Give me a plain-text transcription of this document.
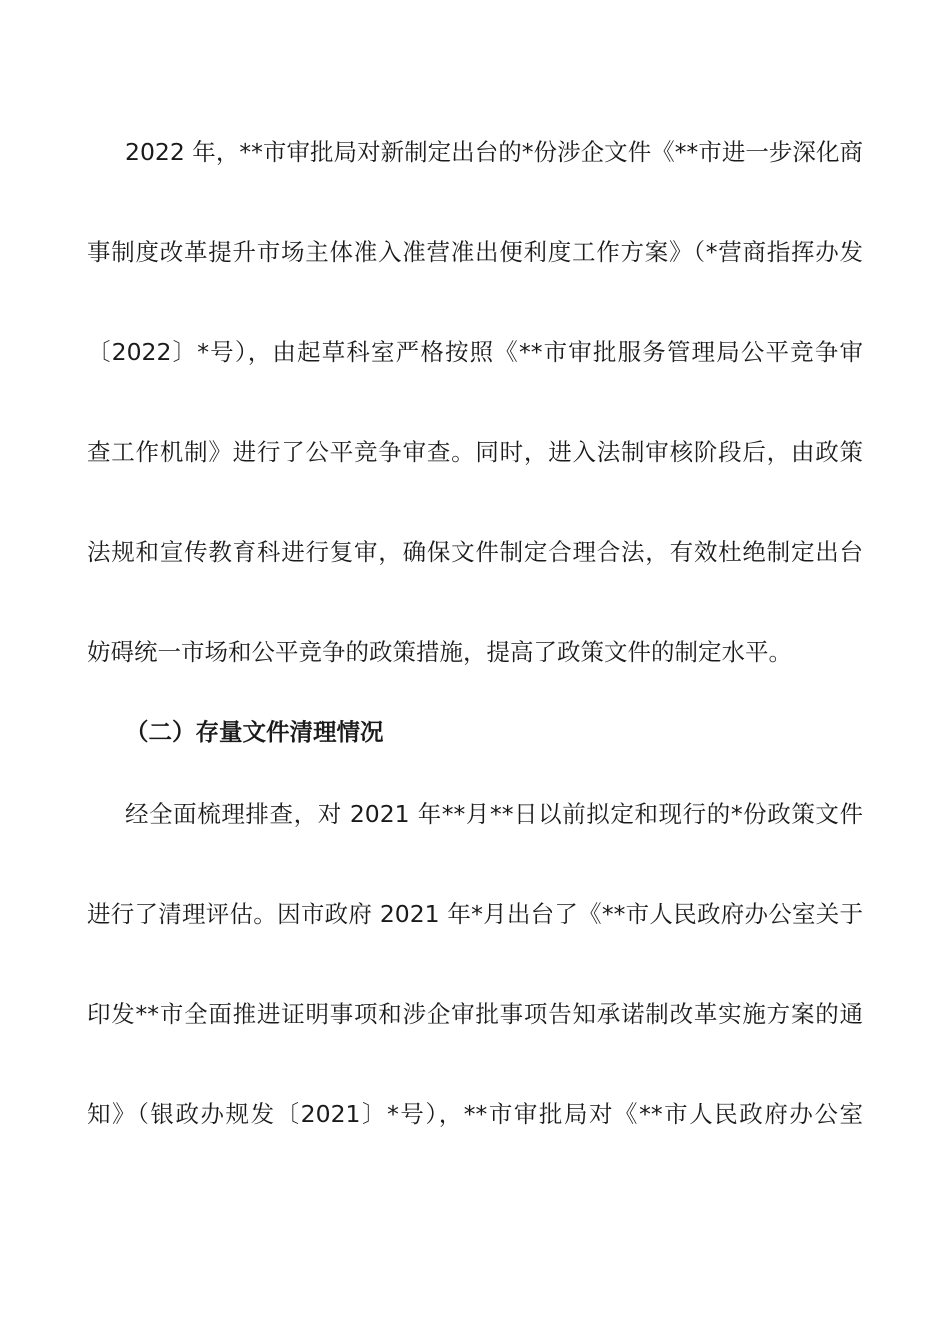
2022 年，**市审批局对新制定出台的*份涉企文件《**市进一步深化商
事制度改革提升市场主体准入准营准出便利度工作方案》（*营商指挥办发
〔2022〕*号），由起草科室严格按照《**市审批服务管理局公平竞争审
查工作机制》进行了公平竞争审查。同时，进入法制审核阶段后，由政策
法规和宣传教育科进行复审，确保文件制定合理合法，有效杜绝制定出台
妨碍统一市场和公平竞争的政策措施，提高了政策文件的制定水平。
（二）存量文件清理情况
经全面梳理排查，对 2021 年**月**日以前拟定和现行的*份政策文件
进行了清理评估。因市政府 2021 年*月出台了《**市人民政府办公室关于
印发**市全面推进证明事项和涉企审批事项告知承诺制改革实施方案的通
知》（银政办规发〔2021〕*号），**市审批局对《**市人民政府办公室
